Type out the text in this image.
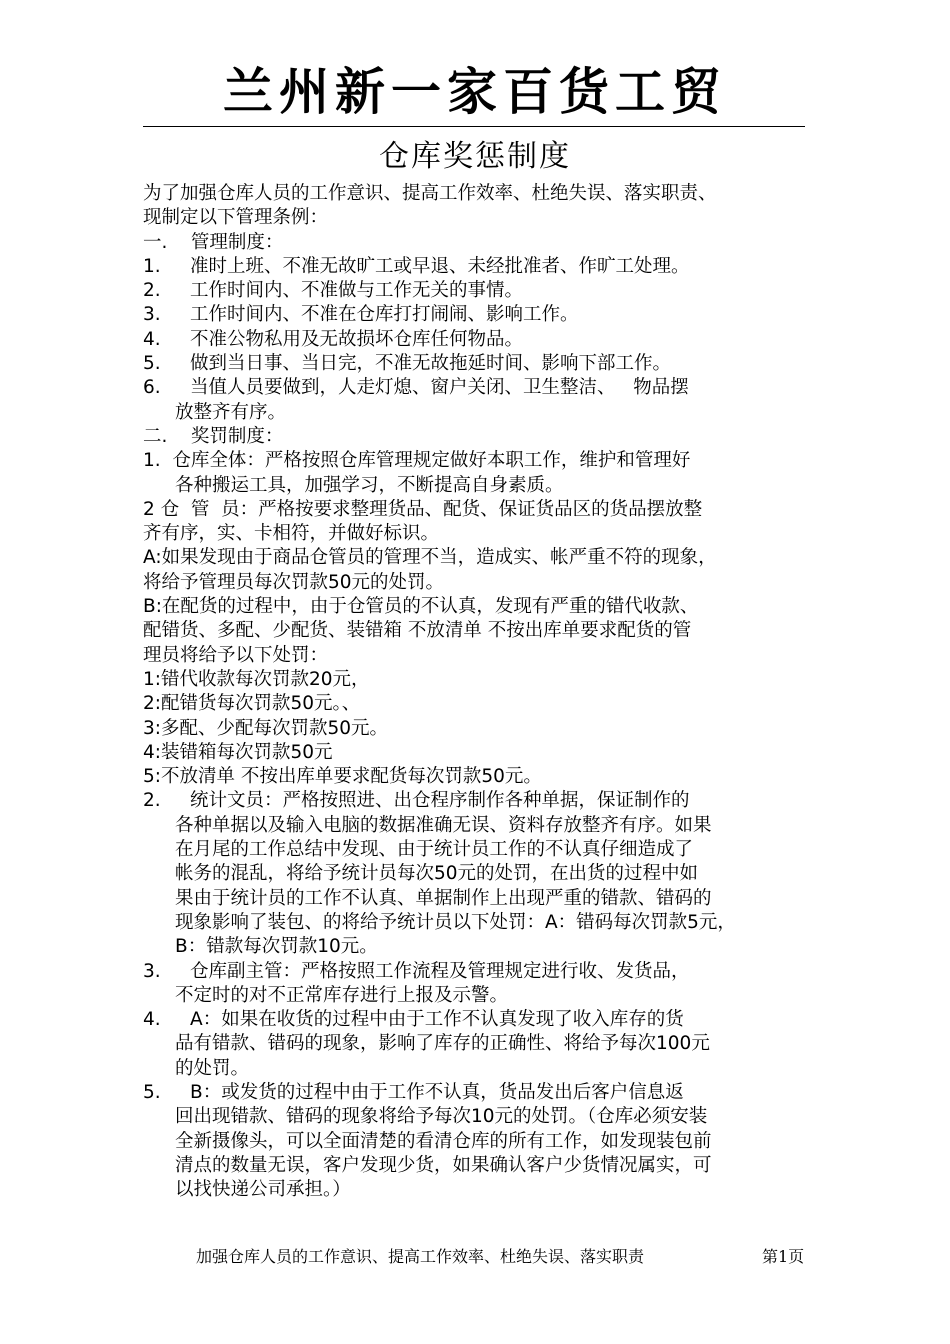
兰州新一家百货工贸
仓库奖惩制度
为了加强仓库人员的工作意识、提高工作效率、杜绝失误、落实职责、
现制定以下管理条例：
一.    管理制度：
1.     准时上班、不准无故旷工或早退、未经批准者、作旷工处理。
2.     工作时间内、不准做与工作无关的事情。
3.     工作时间内、不准在仓库打打闹闹、影响工作。
4.     不准公物私用及无故损坏仓库任何物品。
5.     做到当日事、当日完，不准无故拖延时间、影响下部工作。
6.     当值人员要做到，人走灯熄、窗户关闭、卫生整洁、   物品摆
放整齐有序。
二.    奖罚制度：
1.  仓库全体：严格按照仓库管理规定做好本职工作，维护和管理好
各种搬运工具，加强学习，不断提高自身素质。
2 仓  管  员：严格按要求整理货品、配货、保证货品区的货品摆放整
齐有序，实、卡相符，并做好标识。
A:如果发现由于商品仓管员的管理不当，造成实、帐严重不符的现象，
将给予管理员每次罚款50元的处罚。
B:在配货的过程中，由于仓管员的不认真，发现有严重的错代收款、
配错货、多配、少配货、装错箱 不放清单 不按出库单要求配货的管
理员将给予以下处罚：
1:错代收款每次罚款20元，
2:配错货每次罚款50元。、
3:多配、少配每次罚款50元。
4:装错箱每次罚款50元
5:不放清单 不按出库单要求配货每次罚款50元。
2.     统计文员：严格按照进、出仓程序制作各种单据，保证制作的
各种单据以及输入电脑的数据准确无误、资料存放整齐有序。如果
在月尾的工作总结中发现、由于统计员工作的不认真仔细造成了
帐务的混乱，将给予统计员每次50元的处罚，在出货的过程中如
果由于统计员的工作不认真、单据制作上出现严重的错款、错码的
现象影响了装包、的将给予统计员以下处罚：A：错码每次罚款5元，
B：错款每次罚款10元。
3.     仓库副主管：严格按照工作流程及管理规定进行收、发货品，
不定时的对不正常库存进行上报及示警。
4.     A：如果在收货的过程中由于工作不认真发现了收入库存的货
品有错款、错码的现象，影响了库存的正确性、将给予每次100元
的处罚。
5.     B：或发货的过程中由于工作不认真，货品发出后客户信息返
回出现错款、错码的现象将给予每次10元的处罚。（仓库必须安装
全新摄像头，可以全面清楚的看清仓库的所有工作，如发现装包前
清点的数量无误，客户发现少货，如果确认客户少货情况属实，可
以找快递公司承担。）
加强仓库人员的工作意识、提高工作效率、杜绝失误、落实职责	第1页
